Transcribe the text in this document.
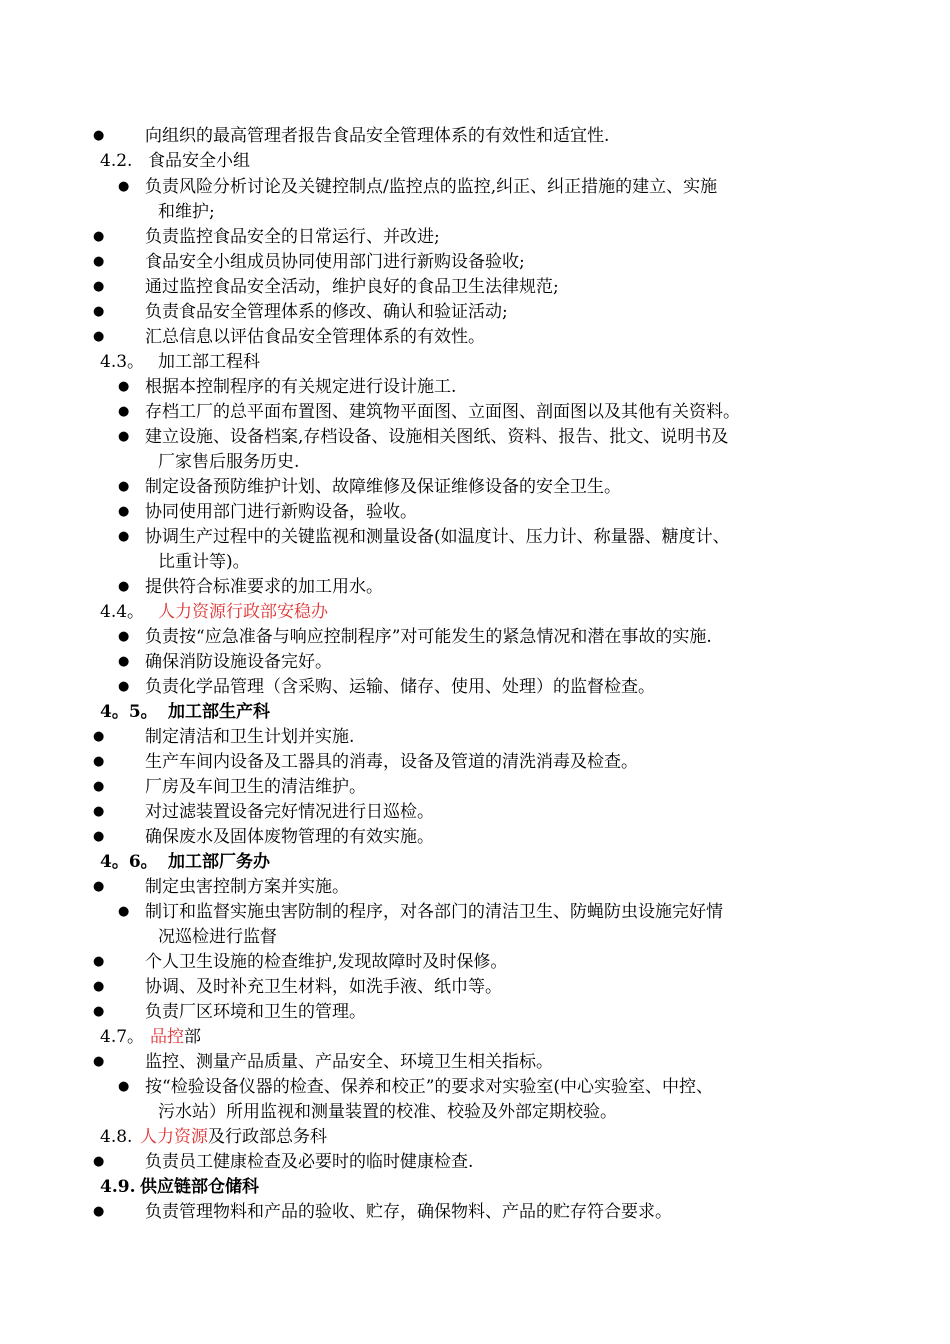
● 向组织的最高管理者报告食品安全管理体系的有效性和适宜性.
4.2. 食品安全小组
● 负责风险分析讨论及关键控制点/监控点的监控,纠正、纠正措施的建立、实施
和维护;
● 负责监控食品安全的日常运行、并改进;
● 食品安全小组成员协同使用部门进行新购设备验收;
● 通过监控食品安全活动，维护良好的食品卫生法律规范;
● 负责食品安全管理体系的修改、确认和验证活动;
● 汇总信息以评估食品安全管理体系的有效性。
4.3。 加工部工程科
● 根据本控制程序的有关规定进行设计施工.
● 存档工厂的总平面布置图、建筑物平面图、立面图、剖面图以及其他有关资料。
● 建立设施、设备档案,存档设备、设施相关图纸、资料、报告、批文、说明书及
厂家售后服务历史.
● 制定设备预防维护计划、故障维修及保证维修设备的安全卫生。
● 协同使用部门进行新购设备，验收。
● 协调生产过程中的关键监视和测量设备(如温度计、压力计、称量器、糖度计、
比重计等)。
● 提供符合标准要求的加工用水。
4.4。 人力资源行政部安稳办
● 负责按“应急准备与响应控制程序”对可能发生的紧急情况和潜在事故的实施.
● 确保消防设施设备完好。
● 负责化学品管理（含采购、运输、储存、使用、处理）的监督检查。
4。5。 加工部生产科
● 制定清洁和卫生计划并实施.
● 生产车间内设备及工器具的消毒，设备及管道的清洗消毒及检查。
● 厂房及车间卫生的清洁维护。
● 对过滤装置设备完好情况进行日巡检。
● 确保废水及固体废物管理的有效实施。
4。6。 加工部厂务办
● 制定虫害控制方案并实施。
● 制订和监督实施虫害防制的程序，对各部门的清洁卫生、防蝇防虫设施完好情
况巡检进行监督
● 个人卫生设施的检查维护,发现故障时及时保修。
● 协调、及时补充卫生材料，如洗手液、纸巾等。
● 负责厂区环境和卫生的管理。
4.7。 品控 部
● 监控、测量产品质量、产品安全、环境卫生相关指标。
● 按“检验设备仪器的检查、保养和校正”的要求对实验室(中心实验室、中控、
污水站）所用监视和测量装置的校准、校验及外部定期校验。
4.8. 人力资源 及行政部总务科
● 负责员工健康检查及必要时的临时健康检查.
4.9. 供应链部仓储科
● 负责管理物料和产品的验收、贮存，确保物料、产品的贮存符合要求。
